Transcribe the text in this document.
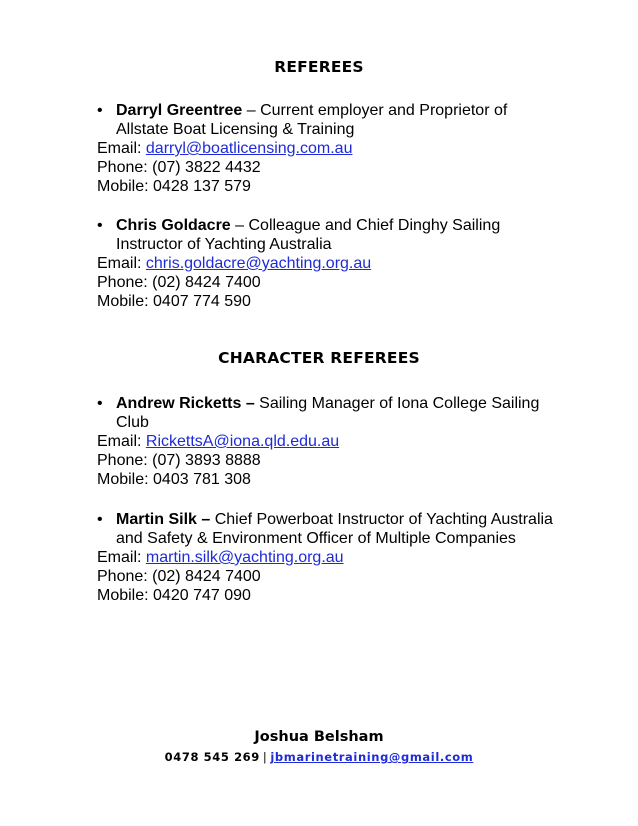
REFEREES
• Darryl Greentree – Current employer and Proprietor of
Allstate Boat Licensing & Training
Email: darryl@boatlicensing.com.au
Phone: (07) 3822 4432
Mobile: 0428 137 579
• Chris Goldacre – Colleague and Chief Dinghy Sailing
Instructor of Yachting Australia
Email: chris.goldacre@yachting.org.au
Phone: (02) 8424 7400
Mobile: 0407 774 590
CHARACTER REFEREES
• Andrew Ricketts – Sailing Manager of Iona College Sailing
Club
Email: RickettsA@iona.qld.edu.au
Phone: (07) 3893 8888
Mobile: 0403 781 308
• Martin Silk – Chief Powerboat Instructor of Yachting Australia
and Safety & Environment Officer of Multiple Companies
Email: martin.silk@yachting.org.au
Phone: (02) 8424 7400
Mobile: 0420 747 090
Joshua Belsham
0478 545 269 | jbmarinetraining@gmail.com
